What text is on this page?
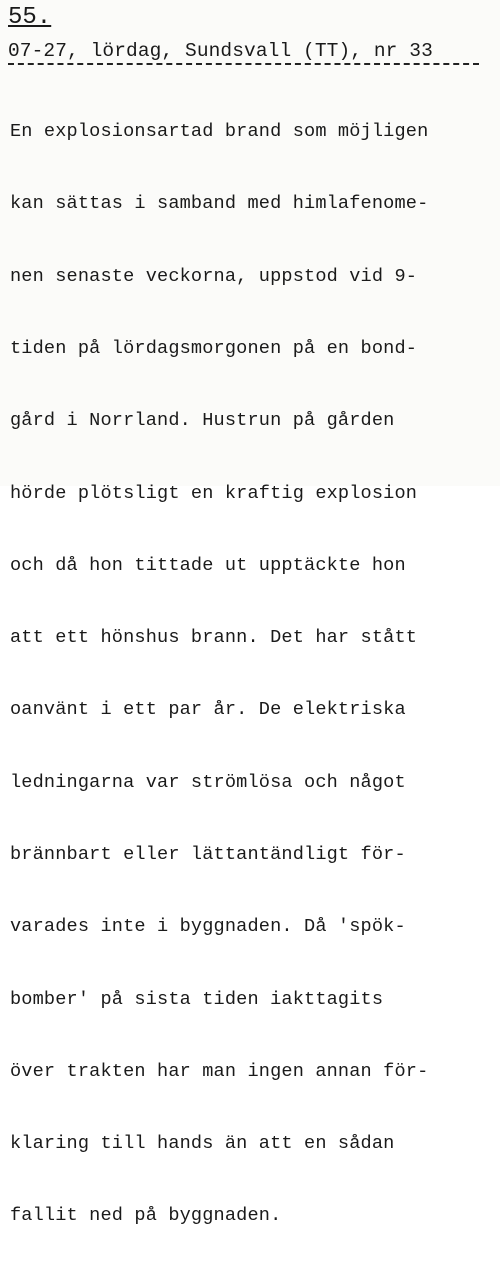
55.
07-27, lördag, Sundsvall (TT), nr 33

En explosionsartad brand som möjligen

kan sättas i samband med himlafenome-

nen senaste veckorna, uppstod vid 9-

tiden på lördagsmorgonen på en bond-

gård i Norrland. Hustrun på gården

hörde plötsligt en kraftig explosion

och då hon tittade ut upptäckte hon

att ett hönshus brann. Det har stått

oanvänt i ett par år. De elektriska

ledningarna var strömlösa och något

brännbart eller lättantändligt för-

varades inte i byggnaden. Då 'spök-

bomber' på sista tiden iakttagits

över trakten har man ingen annan för-

klaring till hands än att en sådan

fallit ned på byggnaden.
